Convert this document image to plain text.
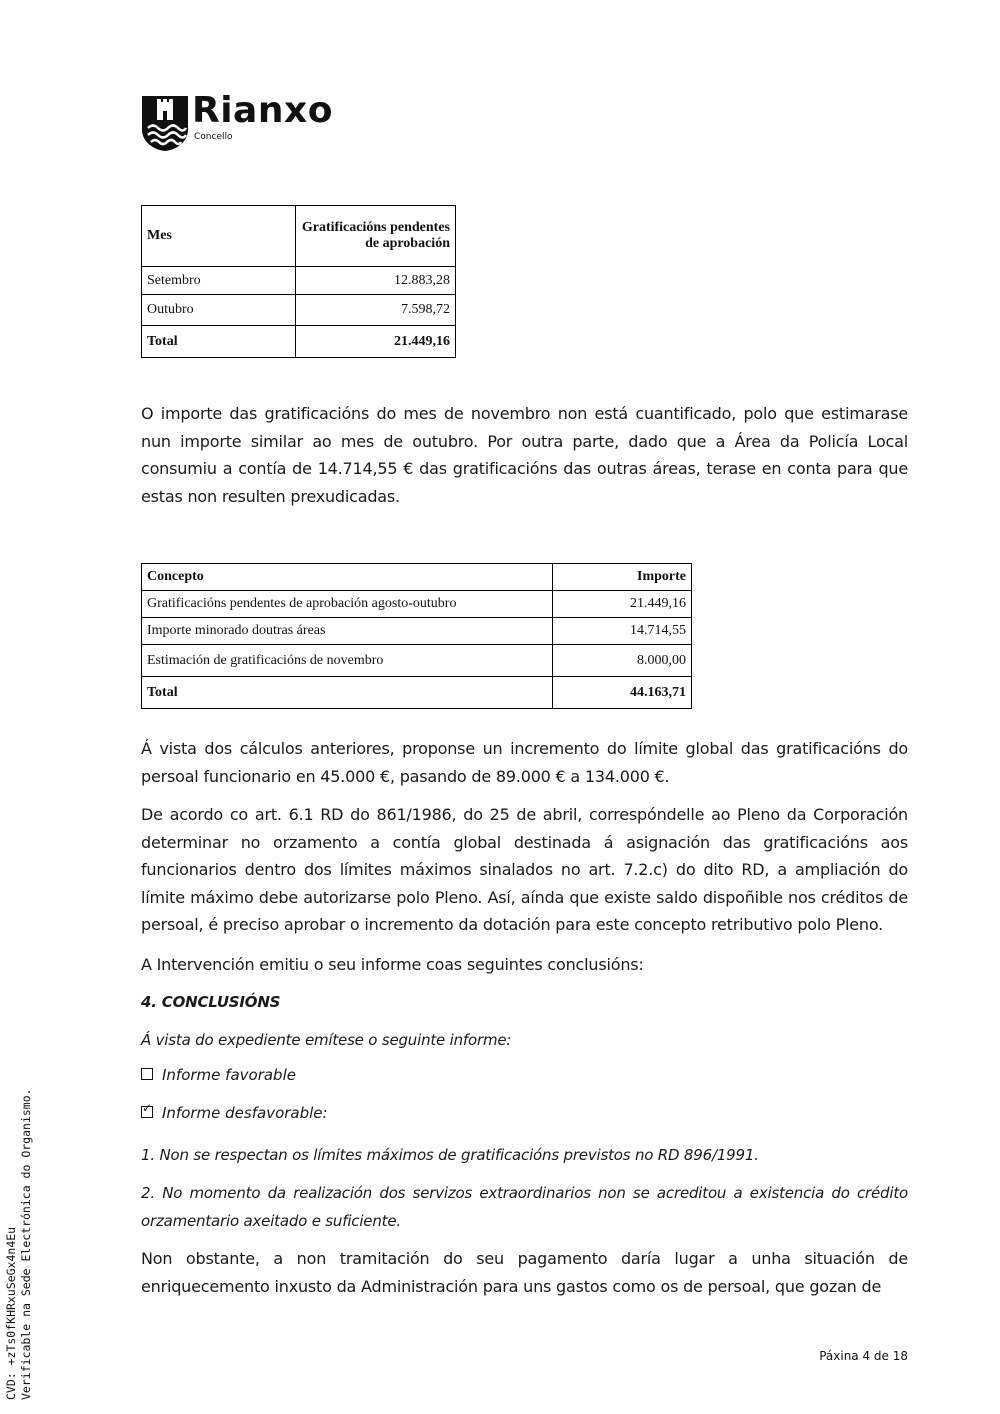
Rianxo
Concello
Mes	Gratificacións pendentes de aprobación
Setembro	12.883,28
Outubro	7.598,72
Total	21.449,16

O importe das gratificacións do mes de novembro non está cuantificado, polo que estimarase nun importe similar ao mes de outubro. Por outra parte, dado que a Área da Policía Local consumiu a contía de 14.714,55 € das gratificacións das outras áreas, terase en conta para que estas non resulten prexudicadas.

Concepto	Importe
Gratificacións pendentes de aprobación agosto-outubro	21.449,16
Importe minorado doutras áreas	14.714,55
Estimación de gratificacións de novembro	8.000,00
Total	44.163,71

Á vista dos cálculos anteriores, proponse un incremento do límite global das gratificacións do persoal funcionario en 45.000 €, pasando de 89.000 € a 134.000 €.

De acordo co art. 6.1 RD do 861/1986, do 25 de abril, correspóndelle ao Pleno da Corporación determinar no orzamento a contía global destinada á asignación das gratificacións aos funcionarios dentro dos límites máximos sinalados no art. 7.2.c) do dito RD, a ampliación do límite máximo debe autorizarse polo Pleno. Así, aínda que existe saldo dispoñible nos créditos de persoal, é preciso aprobar o incremento da dotación para este concepto retributivo polo Pleno.

A Intervención emitiu o seu informe coas seguintes conclusións:

4. CONCLUSIÓNS

Á vista do expediente emítese o seguinte informe:

Informe favorable
✓ Informe desfavorable:

1. Non se respectan os límites máximos de gratificacións previstos no RD 896/1991.

2. No momento da realización dos servizos extraordinarios non se acreditou a existencia do crédito orzamentario axeitado e suficiente.

Non obstante, a non tramitación do seu pagamento daría lugar a unha situación de enriquecemento inxusto da Administración para uns gastos como os de persoal, que gozan de

CVD: +zTs0fKHRxuSeGx4n4Eu Verificable na Sede Electrónica do Organismo.	Páxina 4 de 18
